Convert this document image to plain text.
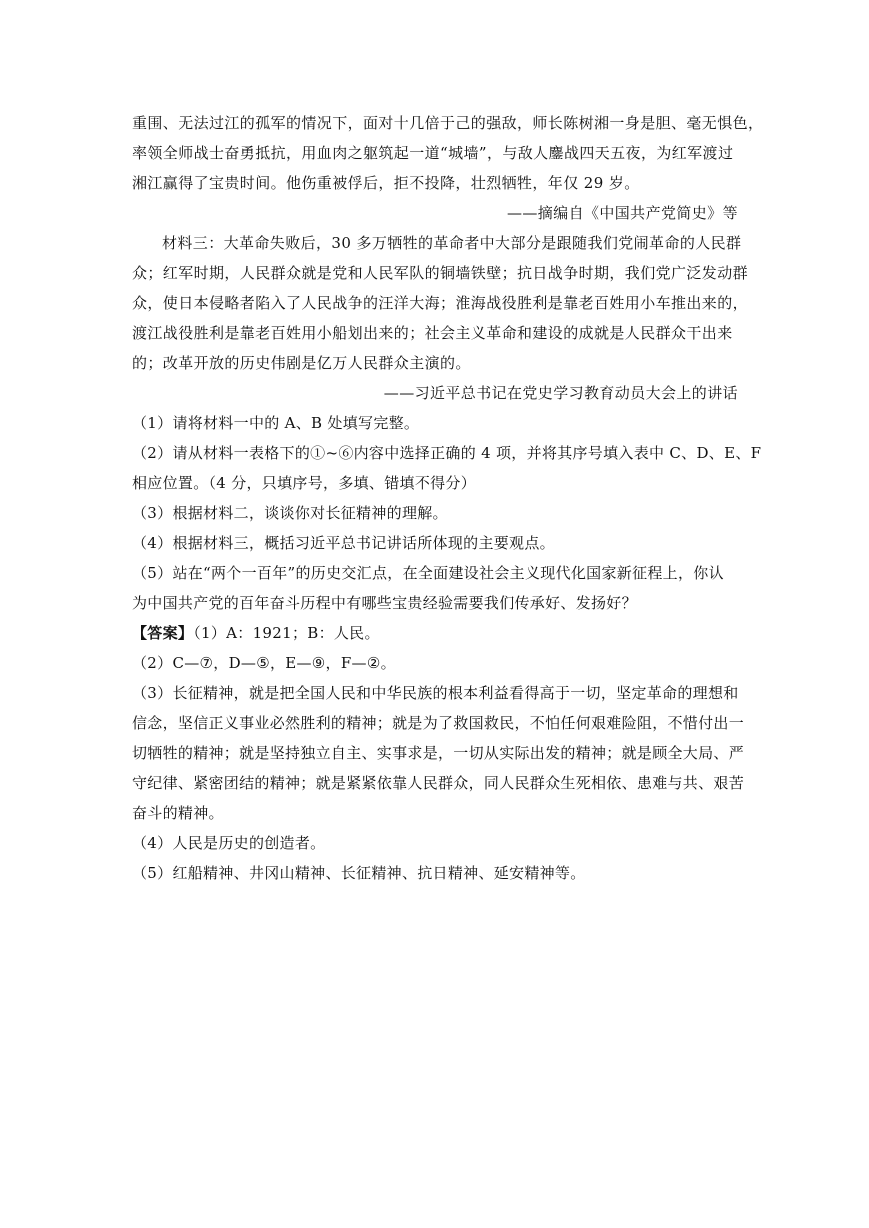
重围、无法过江的孤军的情况下，面对十几倍于己的强敌，师长陈树湘一身是胆、毫无惧色，
率领全师战士奋勇抵抗，用血肉之躯筑起一道“城墙”，与敌人鏖战四天五夜，为红军渡过
湘江赢得了宝贵时间。他伤重被俘后，拒不投降，壮烈牺牲，年仅 29 岁。
——摘编自《中国共产党简史》等
材料三：大革命失败后，30 多万牺牲的革命者中大部分是跟随我们党闹革命的人民群
众；红军时期，人民群众就是党和人民军队的铜墙铁壁；抗日战争时期，我们党广泛发动群
众，使日本侵略者陷入了人民战争的汪洋大海；淮海战役胜利是靠老百姓用小车推出来的，
渡江战役胜利是靠老百姓用小船划出来的；社会主义革命和建设的成就是人民群众干出来
的；改革开放的历史伟剧是亿万人民群众主演的。
——习近平总书记在党史学习教育动员大会上的讲话
（1）请将材料一中的 A、B 处填写完整。
（2）请从材料一表格下的①~⑥内容中选择正确的 4 项，并将其序号填入表中 C、D、E、F
相应位置。（4 分，只填序号，多填、错填不得分）
（3）根据材料二，谈谈你对长征精神的理解。
（4）根据材料三，概括习近平总书记讲话所体现的主要观点。
（5）站在“两个一百年”的历史交汇点，在全面建设社会主义现代化国家新征程上，你认
为中国共产党的百年奋斗历程中有哪些宝贵经验需要我们传承好、发扬好？
【答案】（1）A：1921；B：人民。
（2）C—⑦，D—⑤，E—⑨，F—②。
（3）长征精神，就是把全国人民和中华民族的根本利益看得高于一切，坚定革命的理想和
信念，坚信正义事业必然胜利的精神；就是为了救国救民，不怕任何艰难险阻，不惜付出一
切牺牲的精神；就是坚持独立自主、实事求是，一切从实际出发的精神；就是顾全大局、严
守纪律、紧密团结的精神；就是紧紧依靠人民群众，同人民群众生死相依、患难与共、艰苦
奋斗的精神。
（4）人民是历史的创造者。
（5）红船精神、井冈山精神、长征精神、抗日精神、延安精神等。
